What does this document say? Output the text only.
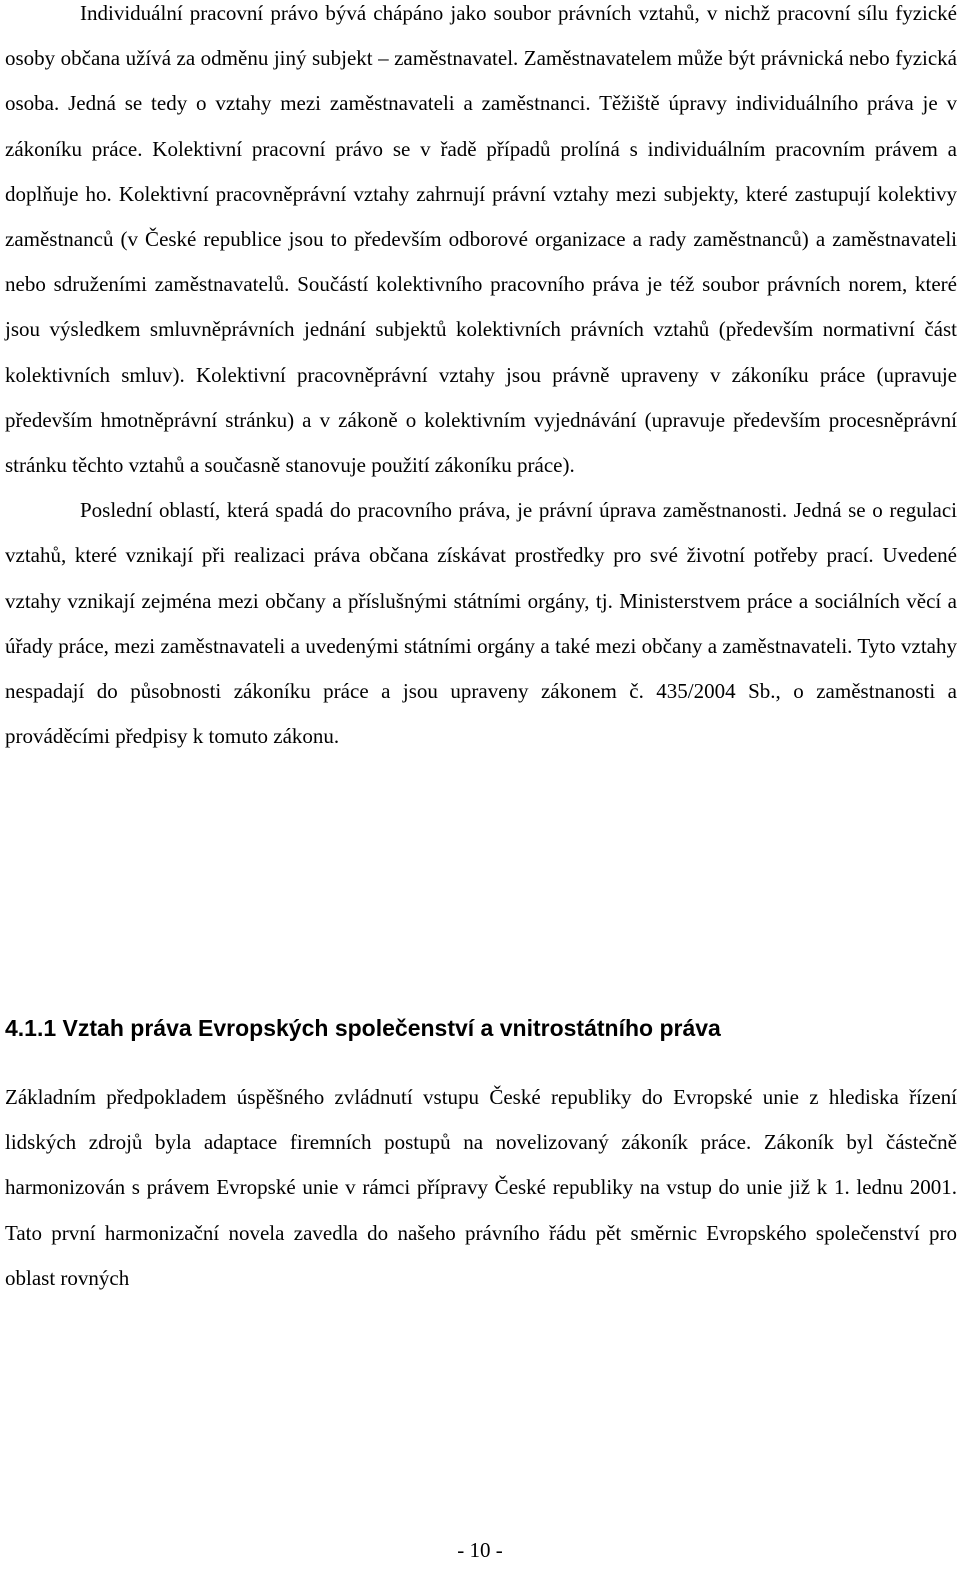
Individuální pracovní právo bývá chápáno jako soubor právních vztahů, v nichž pracovní sílu fyzické osoby občana užívá za odměnu jiný subjekt – zaměstnavatel. Zaměstnavatelem může být právnická nebo fyzická osoba. Jedná se tedy o vztahy mezi zaměstnavateli a zaměstnanci. Těžiště úpravy individuálního práva je v zákoníku práce. Kolektivní pracovní právo se v řadě případů prolíná s individuálním pracovním právem a doplňuje ho. Kolektivní pracovněprávní vztahy zahrnují právní vztahy mezi subjekty, které zastupují kolektivy zaměstnanců (v České republice jsou to především odborové organizace a rady zaměstnanců) a zaměstnavateli nebo sdruženími zaměstnavatelů. Součástí kolektivního pracovního práva je též soubor právních norem, které jsou výsledkem smluvněprávních jednání subjektů kolektivních právních vztahů (především normativní část kolektivních smluv). Kolektivní pracovněprávní vztahy jsou právně upraveny v zákoníku práce (upravuje především hmotněprávní stránku) a v zákoně o kolektivním vyjednávání (upravuje především procesněprávní stránku těchto vztahů a současně stanovuje použití zákoníku práce).

Poslední oblastí, která spadá do pracovního práva, je právní úprava zaměstnanosti. Jedná se o regulaci vztahů, které vznikají při realizaci práva občana získávat prostředky pro své životní potřeby prací. Uvedené vztahy vznikají zejména mezi občany a příslušnými státními orgány, tj. Ministerstvem práce a sociálních věcí a úřady práce, mezi zaměstnavateli a uvedenými státními orgány a také mezi občany a zaměstnavateli. Tyto vztahy nespadají do působnosti zákoníku práce a jsou upraveny zákonem č. 435/2004 Sb., o zaměstnanosti a prováděcími předpisy k tomuto zákonu.

4.1.1 Vztah práva Evropských společenství a vnitrostátního práva

Základním předpokladem úspěšného zvládnutí vstupu České republiky do Evropské unie z hlediska řízení lidských zdrojů byla adaptace firemních postupů na novelizovaný zákoník práce. Zákoník byl částečně harmonizován s právem Evropské unie v rámci přípravy České republiky na vstup do unie již k 1. lednu 2001. Tato první harmonizační novela zavedla do našeho právního řádu pět směrnic Evropského společenství pro oblast rovných

- 10 -
